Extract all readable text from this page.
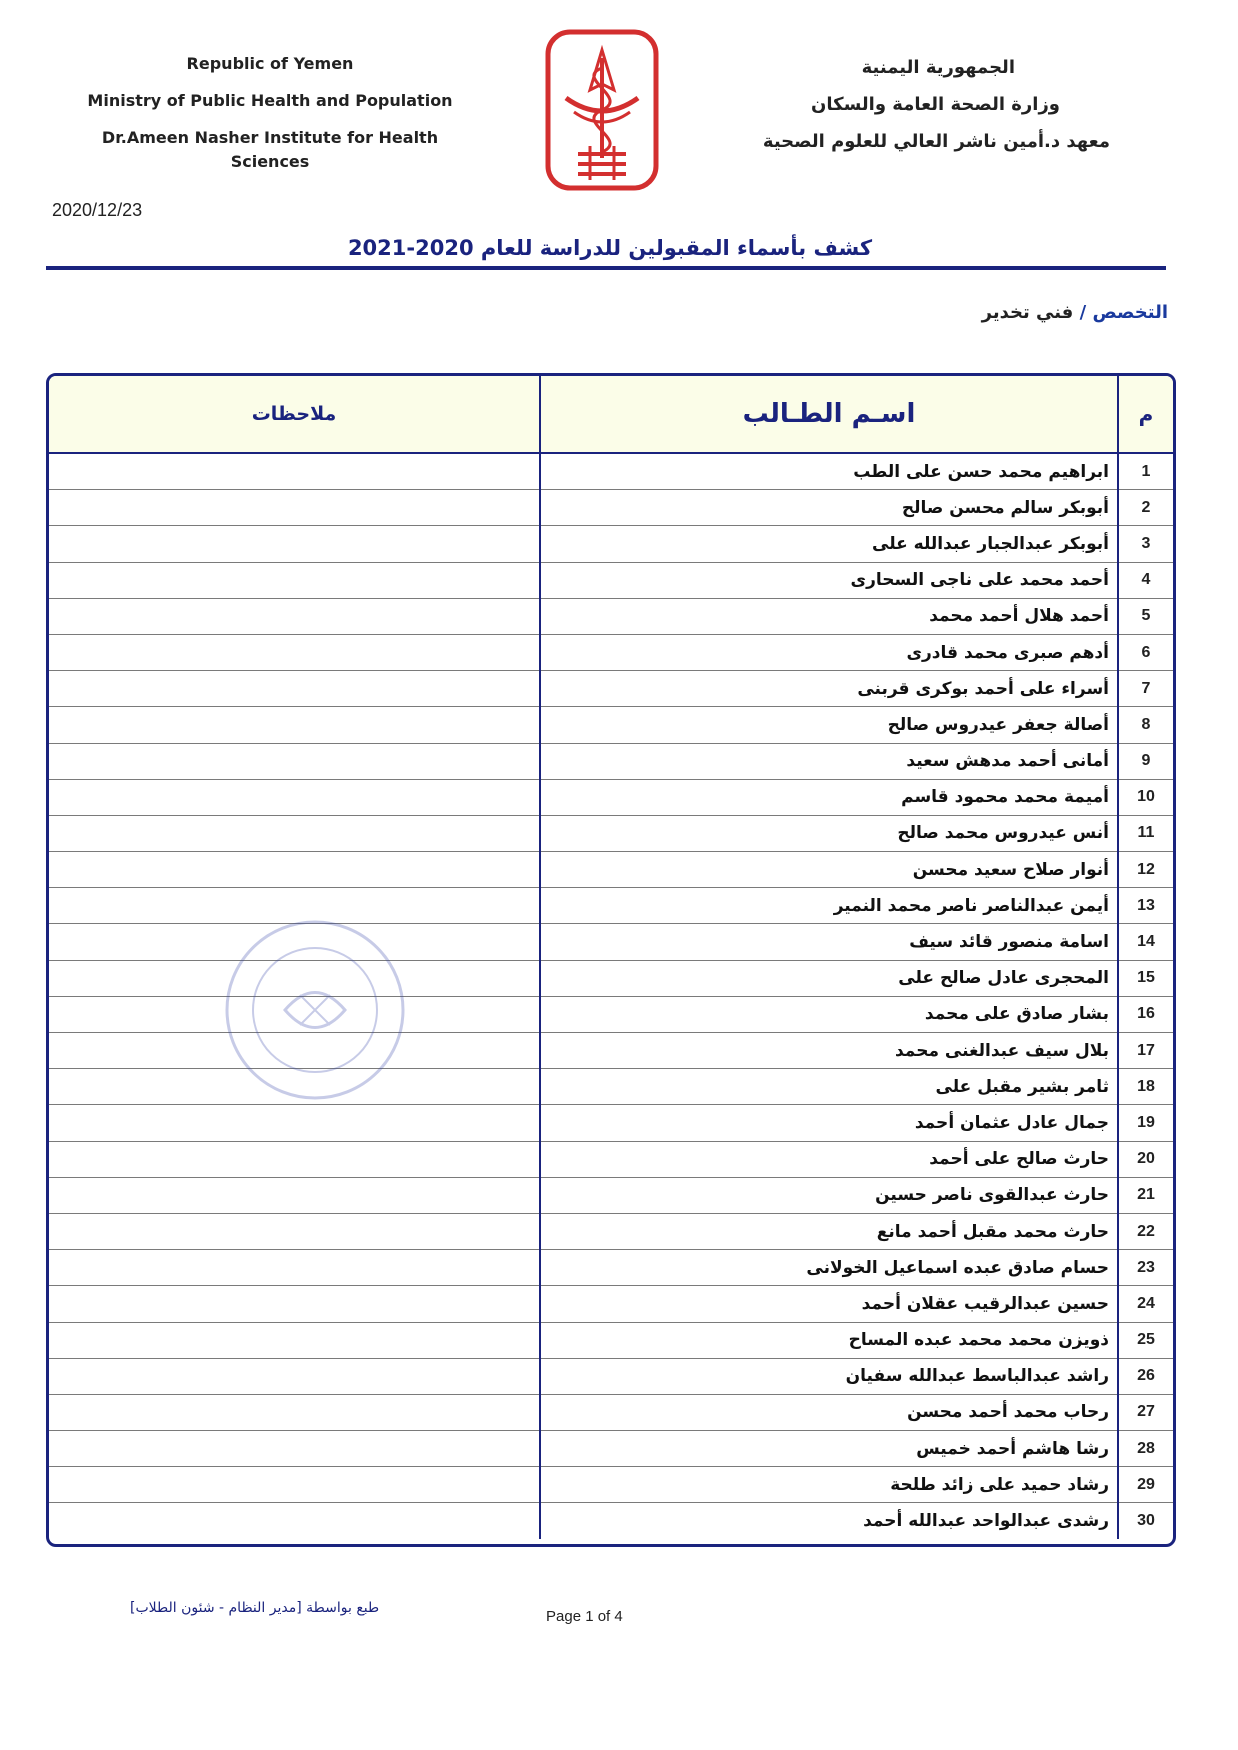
Republic of Yemen
Ministry of Public Health and Population
Dr.Ameen Nasher Institute for Health Sciences
الجمهورية اليمنية
وزارة الصحة العامة والسكان
معهد د.أمين ناشر العالي للعلوم الصحية
2020/12/23
كشف بأسماء المقبولين للدراسة للعام 2020-2021
التخصص / فني تخدير
م	اسـم الطـالب	ملاحظات
1	ابراهيم محمد حسن على الطب	
2	أبوبكر سالم محسن صالح	
3	أبوبكر عبدالجبار عبدالله على	
4	أحمد محمد على ناجى السحارى	
5	أحمد هلال أحمد محمد	
6	أدهم صبرى محمد قادرى	
7	أسراء على أحمد بوكرى قربنى	
8	أصالة جعفر عيدروس صالح	
9	أمانى أحمد مدهش سعيد	
10	أميمة محمد محمود قاسم	
11	أنس عيدروس محمد صالح	
12	أنوار صلاح سعيد محسن	
13	أيمن عبدالناصر ناصر محمد النمير	
14	اسامة منصور قائد سيف	
15	المحجرى عادل صالح على	
16	بشار صادق على محمد	
17	بلال سيف عبدالغنى محمد	
18	ثامر بشير مقبل على	
19	جمال عادل عثمان أحمد	
20	حارث صالح على أحمد	
21	حارث عبدالقوى ناصر حسين	
22	حارث محمد مقبل أحمد مانع	
23	حسام صادق عبده اسماعيل الخولانى	
24	حسين عبدالرقيب عقلان أحمد	
25	ذويزن محمد محمد عبده المساح	
26	راشد عبدالباسط عبدالله سفيان	
27	رحاب محمد أحمد محسن	
28	رشا هاشم أحمد خميس	
29	رشاد حميد على زائد طلحة	
30	رشدى عبدالواحد عبدالله أحمد	
طبع بواسطة [مدير النظام - شئون الطلاب]	Page 1 of 4
